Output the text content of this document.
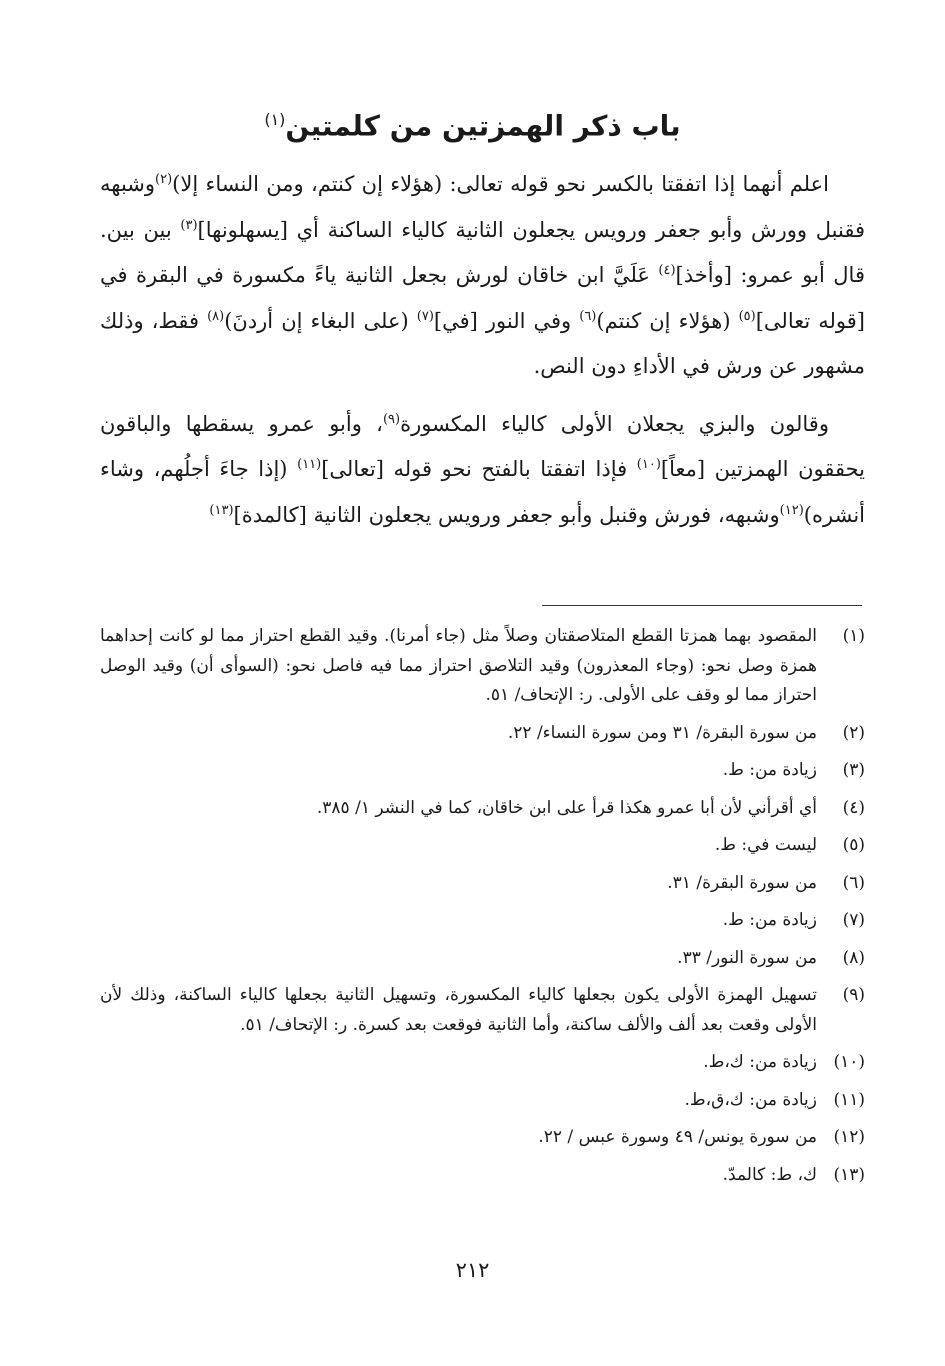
باب ذكر الهمزتين من كلمتين$^{(١)}$

اعلم أنهما إذا اتفقتا بالكسر نحو قوله تعالى: (هؤلاء إن كنتم، ومن النساء إلا)$^{(٢)}$وشبهه فقنبل وورش وأبو جعفر ورويس يجعلون الثانية كالياء الساكنة أي [يسهلونها]$^{(٣)}$ بين بين. قال أبو عمرو: [وأخذ]$^{(٤)}$ عَلَيَّ ابن خاقان لورش بجعل الثانية ياءً مكسورة في البقرة في [قوله تعالى]$^{(٥)}$ (هؤلاء إن كنتم)$^{(٦)}$ وفي النور [في]$^{(٧)}$ (على البغاء إن أردنَ)$^{(٨)}$ فقط، وذلك مشهور عن ورش في الأداءِ دون النص.

وقالون والبزي يجعلان الأولى كالياء المكسورة$^{(٩)}$، وأبو عمرو يسقطها والباقون يحققون الهمزتين [معاً]$^{(١٠)}$ فإذا اتفقتا بالفتح نحو قوله [تعالى]$^{(١١)}$ (إذا جاءَ أجلُهم، وشاء أنشره)$^{(١٢)}$وشبهه، فورش وقنبل وأبو جعفر ورويس يجعلون الثانية [كالمدة]$^{(١٣)}$

(١)
المقصود بهما همزتا القطع المتلاصقتان وصلاً مثل (جاء أمرنا). وقيد القطع احتراز مما لو كانت إحداهما همزة وصل نحو: (وجاء المعذرون) وقيد التلاصق احتراز مما فيه فاصل نحو: (السوأى أن) وقيد الوصل احتراز مما لو وقف على الأولى. ر: الإتحاف/ ٥١.
(٢)
من سورة البقرة/ ٣١ ومن سورة النساء/ ٢٢.
(٣)
زيادة من: ط.
(٤)
أي أقرأني لأن أبا عمرو هكذا قرأ على ابن خاقان، كما في النشر ١/ ٣٨٥.
(٥)
ليست في: ط.
(٦)
من سورة البقرة/ ٣١.
(٧)
زيادة من: ط.
(٨)
من سورة النور/ ٣٣.
(٩)
تسهيل الهمزة الأولى يكون بجعلها كالياء المكسورة، وتسهيل الثانية بجعلها كالياء الساكنة، وذلك لأن الأولى وقعت بعد ألف والألف ساكنة، وأما الثانية فوقعت بعد كسرة. ر: الإتحاف/ ٥١.
(١٠)
زيادة من: ك،ط.
(١١)
زيادة من: ك،ق،ط.
(١٢)
من سورة يونس/ ٤٩ وسورة عبس / ٢٢.
(١٣)
ك، ط: كالمدّ.
٢١٢
